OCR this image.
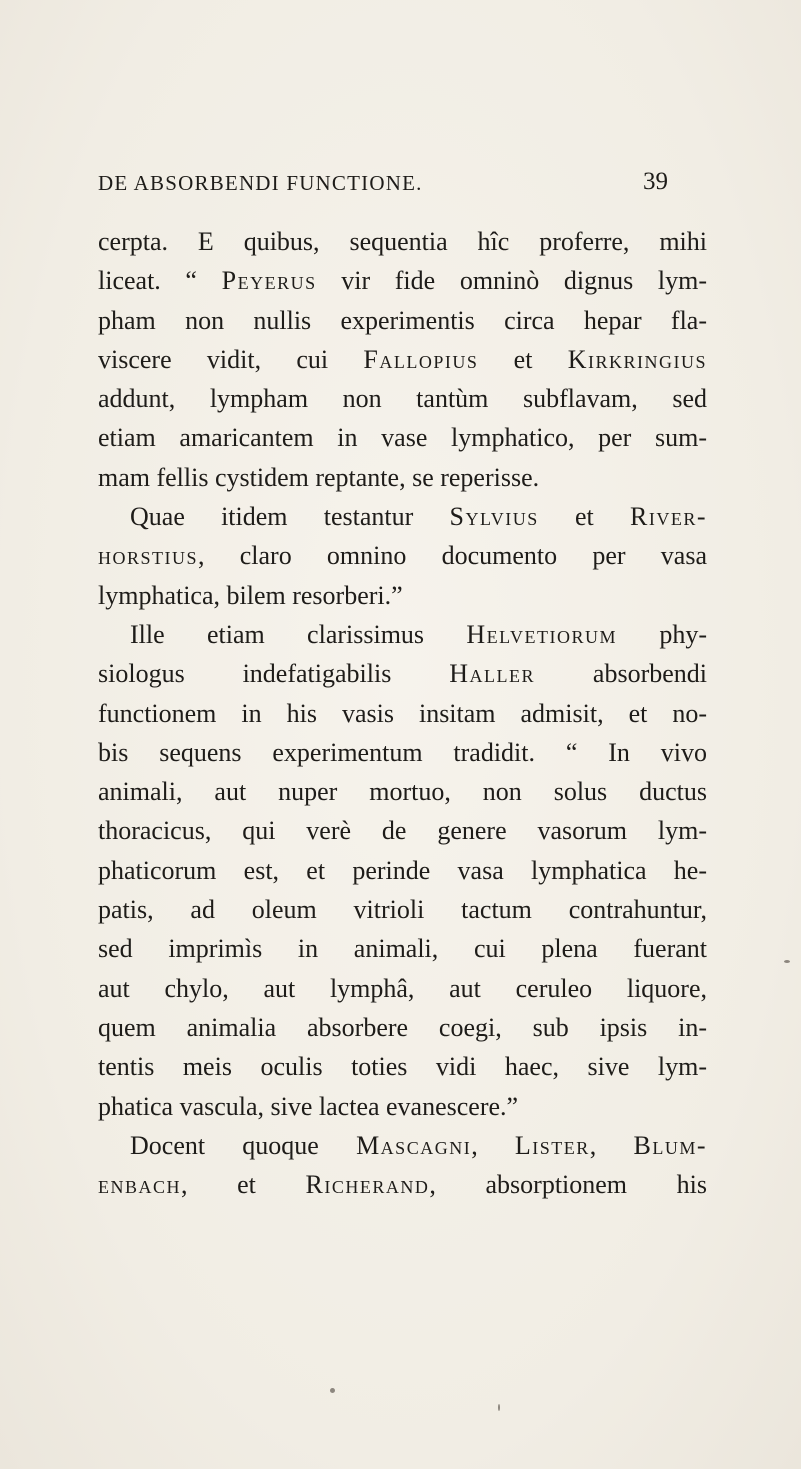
DE ABSORBENDI FUNCTIONE.	39
cerpta. E quibus, sequentia hîc proferre, mihi
liceat. “ Peyerus vir fide omninò dignus lym-
pham non nullis experimentis circa hepar fla-
viscere vidit, cui Fallopius et Kirkringius
addunt, lympham non tantùm subflavam, sed
etiam amaricantem in vase lymphatico, per sum-
mam fellis cystidem reptante, se reperisse.
Quae itidem testantur Sylvius et River-
horstius, claro omnino documento per vasa
lymphatica, bilem resorberi.”
Ille etiam clarissimus Helvetiorum phy-
siologus indefatigabilis Haller absorbendi
functionem in his vasis insitam admisit, et no-
bis sequens experimentum tradidit. “ In vivo
animali, aut nuper mortuo, non solus ductus
thoracicus, qui verè de genere vasorum lym-
phaticorum est, et perinde vasa lymphatica he-
patis, ad oleum vitrioli tactum contrahuntur,
sed imprimìs in animali, cui plena fuerant
aut chylo, aut lymphâ, aut ceruleo liquore,
quem animalia absorbere coegi, sub ipsis in-
tentis meis oculis toties vidi haec, sive lym-
phatica vascula, sive lactea evanescere.”
Docent quoque Mascagni, Lister, Blum-
enbach, et Richerand, absorptionem his
